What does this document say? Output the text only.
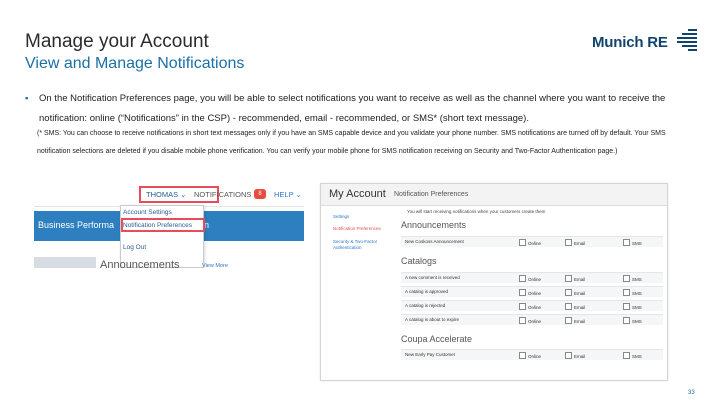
Manage your Account
View and Manage Notifications
Munich RE
▪	On the Notification Preferences page, you will be able to select notifications you want to receive as well as the channel where you want to receive the notification: online (“Notifications” in the CSP) - recommended, email - recommended, or SMS* (short text message).
(* SMS: You can choose to receive notifications in short text messages only if you have an SMS capable device and you validate your phone number. SMS notifications are turned off by default. Your SMS notification selections are deleted if you disable mobile phone verification. You can verify your mobile phone for SMS notification receiving on Security and Two-Factor Authentication page.)
Business Performa	n
THOMAS ⌄	NOTIFICATIONS	8	HELP ⌄
Account Settings
Notification Preferences
Log Out
Announcements	View More
My Account Notification Preferences
Settings
Notification Preferences
Security & Two-Factor Authentication
You will start receiving notifications when your customers create them
Announcements
New Coskoss Announcement	Online	Email	SMS
Catalogs
A new comment is received	Online	Email	SMS
A catalog is approved	Online	Email	SMS
A catalog is rejected	Online	Email	SMS
A catalog is about to expire	Online	Email	SMS
Coupa Accelerate
New Early Pay Customer	Online	Email	SMS
33
